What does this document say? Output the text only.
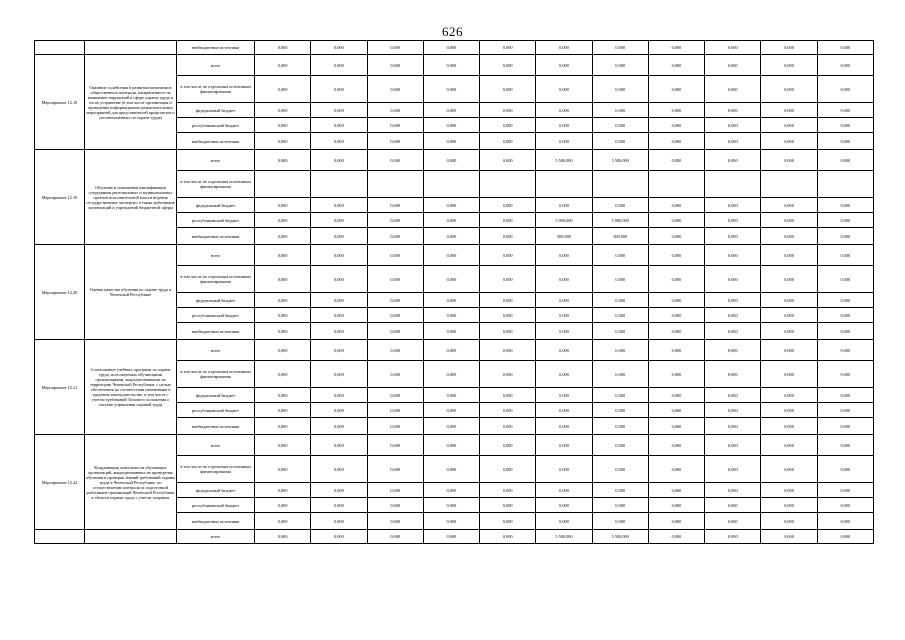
626
		внебюджетные источники	0,000	0,000	0,000	0,000	0,000	0,000	0,000	0,000	0,000	0,000	0,000
Мероприятие 12.18	Оказание содействия в развитии механизмов общественного контроля, направленного на выявление нарушений в сфере охраны труда и на их устранение (в том числе организация и проведение информационно-разъяснительных мероприятий для представителей профсоюзов и уполномоченных по охране труда)	всего	0,000	0,000	0,000	0,000	0,000	0,000	0,000	0,000	0,000	0,000	0,000
		в том числе по отдельным источникам финансирования	0,000	0,000	0,000	0,000	0,000	0,000	0,000	0,000	0,000	0,000	0,000
		федеральный бюджет	0,000	0,000	0,000	0,000	0,000	0,000	0,000	0,000	0,000	0,000	0,000
		республиканский бюджет	0,000	0,000	0,000	0,000	0,000	0,000	0,000	0,000	0,000	0,000	0,000
		внебюджетные источники	0,000	0,000	0,000	0,000	0,000	0,000	0,000	0,000	0,000	0,000	0,000
Мероприятие 12.19	Обучение и повышение квалификации сотрудников региональных и муниципальных органов исполнительной власти ведения государственных экспертиз, а также работников организаций и учреждений бюджетной сферы	всего	0,000	0,000	0,000	0,000	0,000	5 500,000	5 500,000	0,000	0,000	0,000	0,000
		в том числе по отдельным источникам финансирования											
		федеральный бюджет	0,000	0,000	0,000	0,000	0,000	0,000	0,000	0,000	0,000	0,000	0,000
		республиканский бюджет	0,000	0,000	0,000	0,000	0,000	5 000,000	5 000,000	0,000	0,000	0,000	0,000
		внебюджетные источники	0,000	0,000	0,000	0,000	0,000	500,000	500,000	0,000	0,000	0,000	0,000
Мероприятие 12.20	Оценка качества обучения по охране труда в Чеченской Республике	всего	0,000	0,000	0,000	0,000	0,000	0,000	0,000	0,000	0,000	0,000	0,000
		в том числе по отдельным источникам финансирования	0,000	0,000	0,000	0,000	0,000	0,000	0,000	0,000	0,000	0,000	0,000
		федеральный бюджет	0,000	0,000	0,000	0,000	0,000	0,000	0,000	0,000	0,000	0,000	0,000
		республиканский бюджет	0,000	0,000	0,000	0,000	0,000	0,000	0,000	0,000	0,000	0,000	0,000
		внебюджетные источники	0,000	0,000	0,000	0,000	0,000	0,000	0,000	0,000	0,000	0,000	0,000
Мероприятие 12.21	Согласование учебных программ по охране труда, используемых обучающими организациями, аккредитованными на территории Чеченской Республики, с целью обеспечения их соответствия изменениям в трудовом законодательстве, в том числе с учетом требований Типового положения о системе управления охраной труда	всего	0,000	0,000	0,000	0,000	0,000	0,000	0,000	0,000	0,000	0,000	0,000
		в том числе по отдельным источникам финансирования	0,000	0,000	0,000	0,000	0,000	0,000	0,000	0,000	0,000	0,000	0,000
		федеральный бюджет	0,000	0,000	0,000	0,000	0,000	0,000	0,000	0,000	0,000	0,000	0,000
		республиканский бюджет	0,000	0,000	0,000	0,000	0,000	0,000	0,000	0,000	0,000	0,000	0,000
		внебюджетные источники	0,000	0,000	0,000	0,000	0,000	0,000	0,000	0,000	0,000	0,000	0,000
Мероприятие 12.22	Координация деятельности обучающих организаций, аккредитованных на проведение обучения и проверки знаний требований охраны труда в Чеченской Республике, по осуществлению контроля за подготовкой работников организаций Чеченской Республики в области охраны труда с учетом поправок	всего	0,000	0,000	0,000	0,000	0,000	0,000	0,000	0,000	0,000	0,000	0,000
		в том числе по отдельным источникам финансирования	0,000	0,000	0,000	0,000	0,000	0,000	0,000	0,000	0,000	0,000	0,000
		федеральный бюджет	0,000	0,000	0,000	0,000	0,000	0,000	0,000	0,000	0,000	0,000	0,000
		республиканский бюджет	0,000	0,000	0,000	0,000	0,000	0,000	0,000	0,000	0,000	0,000	0,000
		внебюджетные источники	0,000	0,000	0,000	0,000	0,000	0,000	0,000	0,000	0,000	0,000	0,000
		всего	0,000	0,000	0,000	0,000	0,000	5 500,000	5 500,000	0,000	0,000	0,000	0,000
